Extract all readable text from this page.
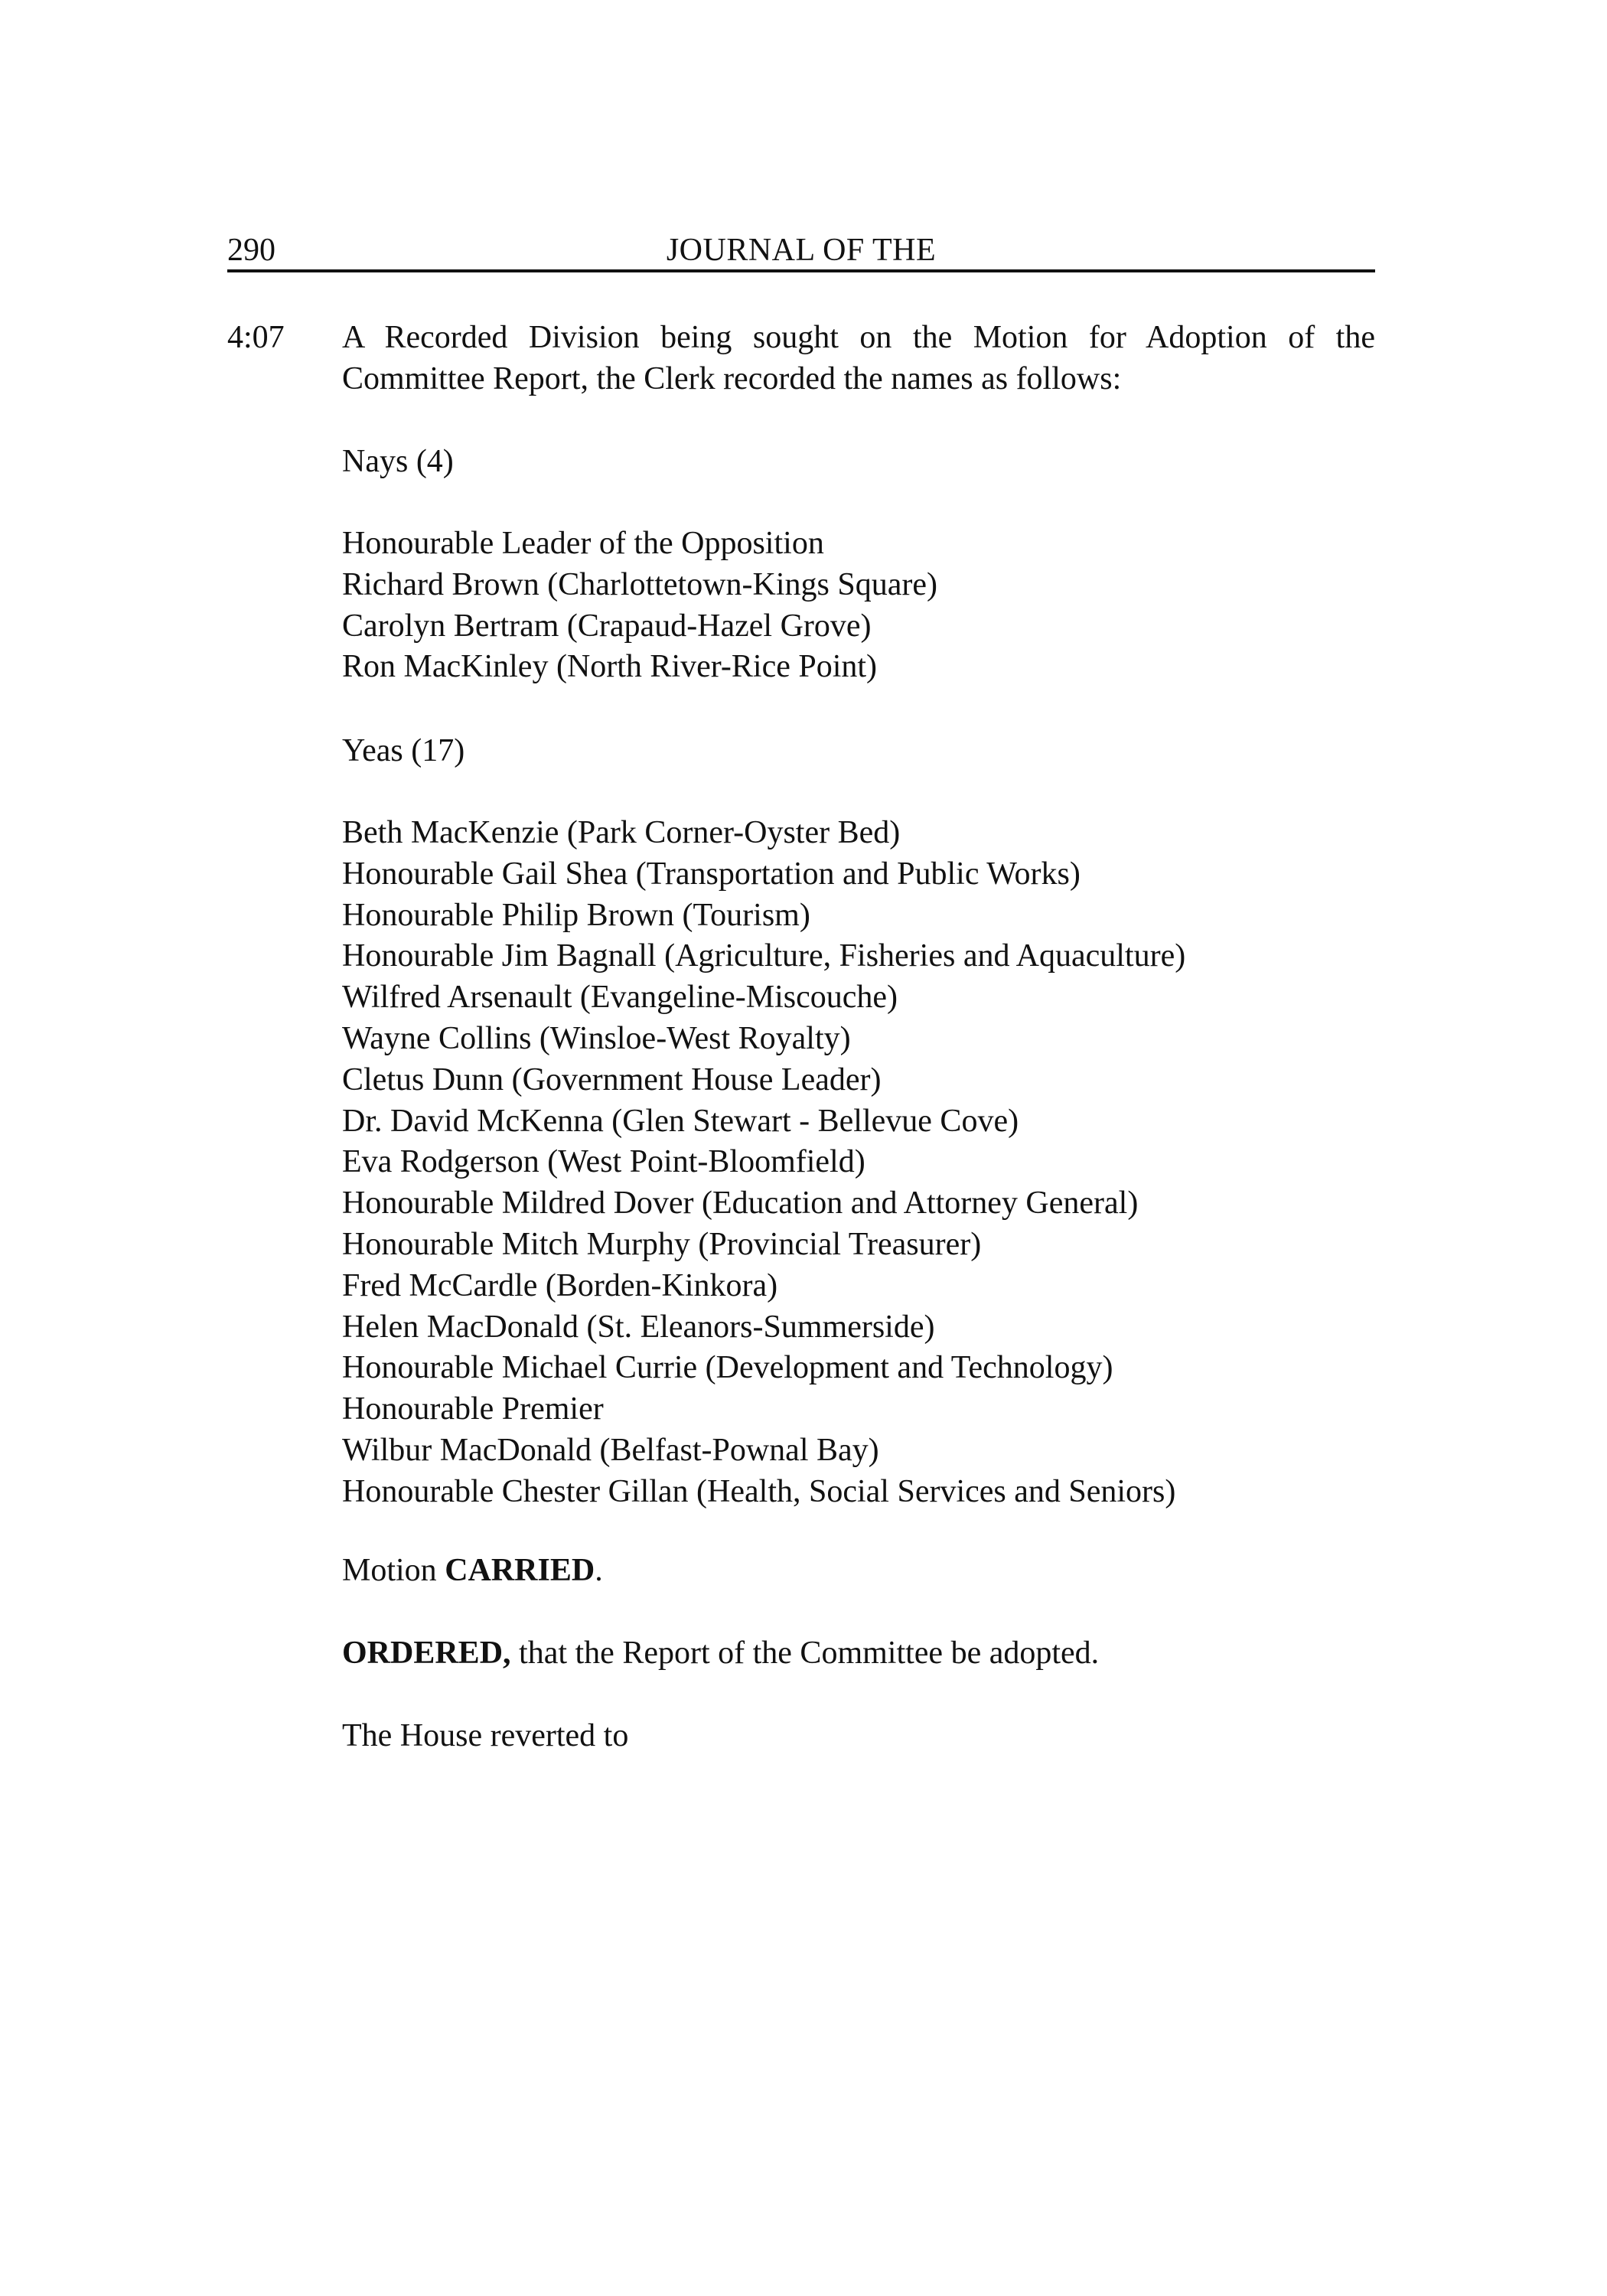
290	JOURNAL OF THE
4:07 A Recorded Division being sought on the Motion for Adoption of the
Committee Report, the Clerk recorded the names as follows:
Nays (4)
Honourable Leader of the Opposition
Richard Brown (Charlottetown-Kings Square)
Carolyn Bertram (Crapaud-Hazel Grove)
Ron MacKinley (North River-Rice Point)
Yeas (17)
Beth MacKenzie (Park Corner-Oyster Bed)
Honourable Gail Shea (Transportation and Public Works)
Honourable Philip Brown (Tourism)
Honourable Jim Bagnall (Agriculture, Fisheries and Aquaculture)
Wilfred Arsenault (Evangeline-Miscouche)
Wayne Collins (Winsloe-West Royalty)
Cletus Dunn (Government House Leader)
Dr. David McKenna (Glen Stewart - Bellevue Cove)
Eva Rodgerson (West Point-Bloomfield)
Honourable Mildred Dover (Education and Attorney General)
Honourable Mitch Murphy (Provincial Treasurer)
Fred McCardle (Borden-Kinkora)
Helen MacDonald (St. Eleanors-Summerside)
Honourable Michael Currie (Development and Technology)
Honourable Premier
Wilbur MacDonald (Belfast-Pownal Bay)
Honourable Chester Gillan (Health, Social Services and Seniors)
Motion CARRIED.
ORDERED, that the Report of the Committee be adopted.
The House reverted to
